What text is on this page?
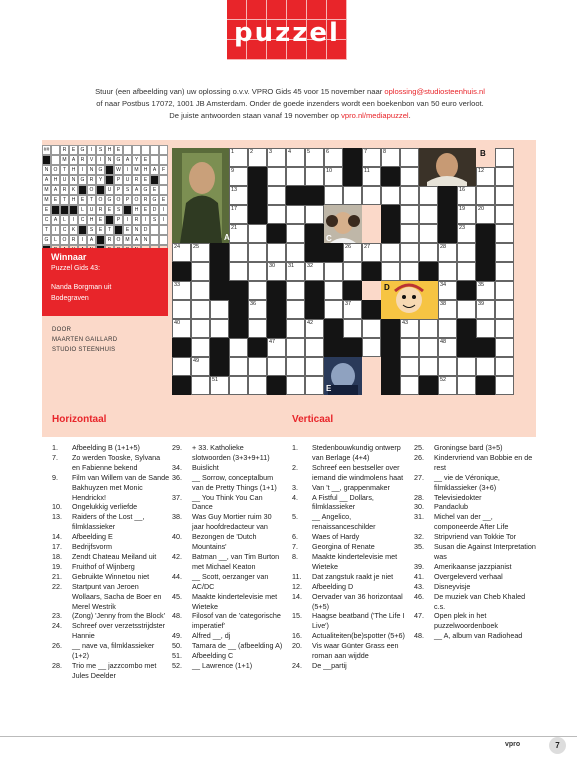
puzzel
Stuur (een afbeelding van) uw oplossing o.v.v. VPRO Gids 45 voor 15 november naar oplossing@studiosteenhuis.nl
of naar Postbus 17072, 1001 JB Amsterdam. Onder de goede inzenders wordt een boekenbon van 50 euro verloot.
De juiste antwoorden staan vanaf 19 november op vpro.nl/mediapuzzel.
##	R	E	G	I	S	H	E
M	A	R	V	I	N	G	A	Y	E
N	O	T	H	I	N	G	W	I	M	H	A	F
A	H	U	N	G	R	Y	P	U	R	E
M	A	R	K	O	U	P	S	A	G	E
M	E	T	H	E	T	O	G	O	P	O	R	G	E
E	L	U	R	E	S	H	E	D	I
C	A	L	I	C	H	E	P	I	R	I	S	I
T	I	C	K	S	E	T	E	N	D
G	L	O	R	I	A	R	O M	A	N
Winnaar
Puzzel Gids 43:
Nanda Borgman uit
Bodegraven
DOOR
MAARTEN GAILLARD
STUDIO STEENHUIS
1	2	3	4	5	6	7	8
9	10	11	12
13	16
17	19 20
21	23
24 25	26 27	28
30 31 32
33	34	35
36	37	38	39
40	42	43
47	48
49
51	52
A
B
C
D
E
Horizontaal
1.	Afbeelding B (1+1+5)
7.	Zo werden Tooske, Sylvana en Fabienne bekend
9.	Film van Willem van de Sande Bakhuyzen met Monic Hendrickx!
10.	Ongelukkig verliefde
13.	Raiders of the Lost __, filmklassieker
14.	Afbeelding E
17.	Bedrijfsvorm
18.	Zendt Chateau Meiland uit
19.	Fruithof of Wijnberg
21.	Gebruikte Winnetou niet
22.	Startpunt van Jeroen Wollaars, Sacha de Boer en Merel Westrik
23.	(Zong) 'Jenny from the Block'
24.	Schreef over verzetsstrijdster Hannie
26.	__ nave va, filmklassieker (1+2)
28.	Trio me __ jazzcombo met Jules Deelder
29.	+ 33. Katholieke slotwoorden (3+3+9+11)
34.	Buislicht
36.	__ Sorrow, conceptalbum van de Pretty Things (1+1)
37.	__ You Think You Can Dance
38.	Was Guy Mortier ruim 30 jaar hoofdredacteur van
40.	Bezongen de 'Dutch Mountains'
42.	Batman __, van Tim Burton met Michael Keaton
44.	__ Scott, oerzanger van AC/DC
45.	Maakte kindertelevisie met Wieteke
48.	Filosof van de 'categorische imperatief'
49.	Alfred __, dj
50.	Tamara de __ (afbeelding A)
51.	Afbeelding C
52.	__ Lawrence (1+1)
Verticaal
1.	Stedenbouwkundig ontwerp van Berlage (4+4)
2.	Schreef een bestseller over iemand die windmolens haat
3.	Van 't __, grappenmaker
4.	A Fistful __ Dollars, filmklassieker
5.	__ Angelico, renaissanceschilder
6.	Waes of Hardy
7.	Georgina of Renate
8.	Maakte kindertelevisie met Wieteke
11.	Dat zangstuk raakt je niet
12.	Afbeelding D
14.	Oervader van 36 horizontaal (5+5)
15.	Haagse beatband ('The Life I Live')
16.	Actualiteiten(be)spotter (5+6)
20.	Vis waar Günter Grass een roman aan wijdde
24.	De __partij
25.	Groningse bard (3+5)
26.	Kindervriend van Bobbie en de rest
27.	__ vie de Véronique, filmklassieker (3+6)
28.	Televisiedokter
30.	Pandaclub
31.	Michel van der __, componeerde After Life
32.	Stripvriend van Tokkie Tor
35.	Susan die Against Interpretation was
39.	Amerikaanse jazzpianist
41.	Overgeleverd verhaal
43.	Disneyvisje
46.	De muziek van Cheb Khaled c.s.
47.	Open plek in het puzzelwoordenboek
48.	__ A, album van Radiohead
vpro	7
